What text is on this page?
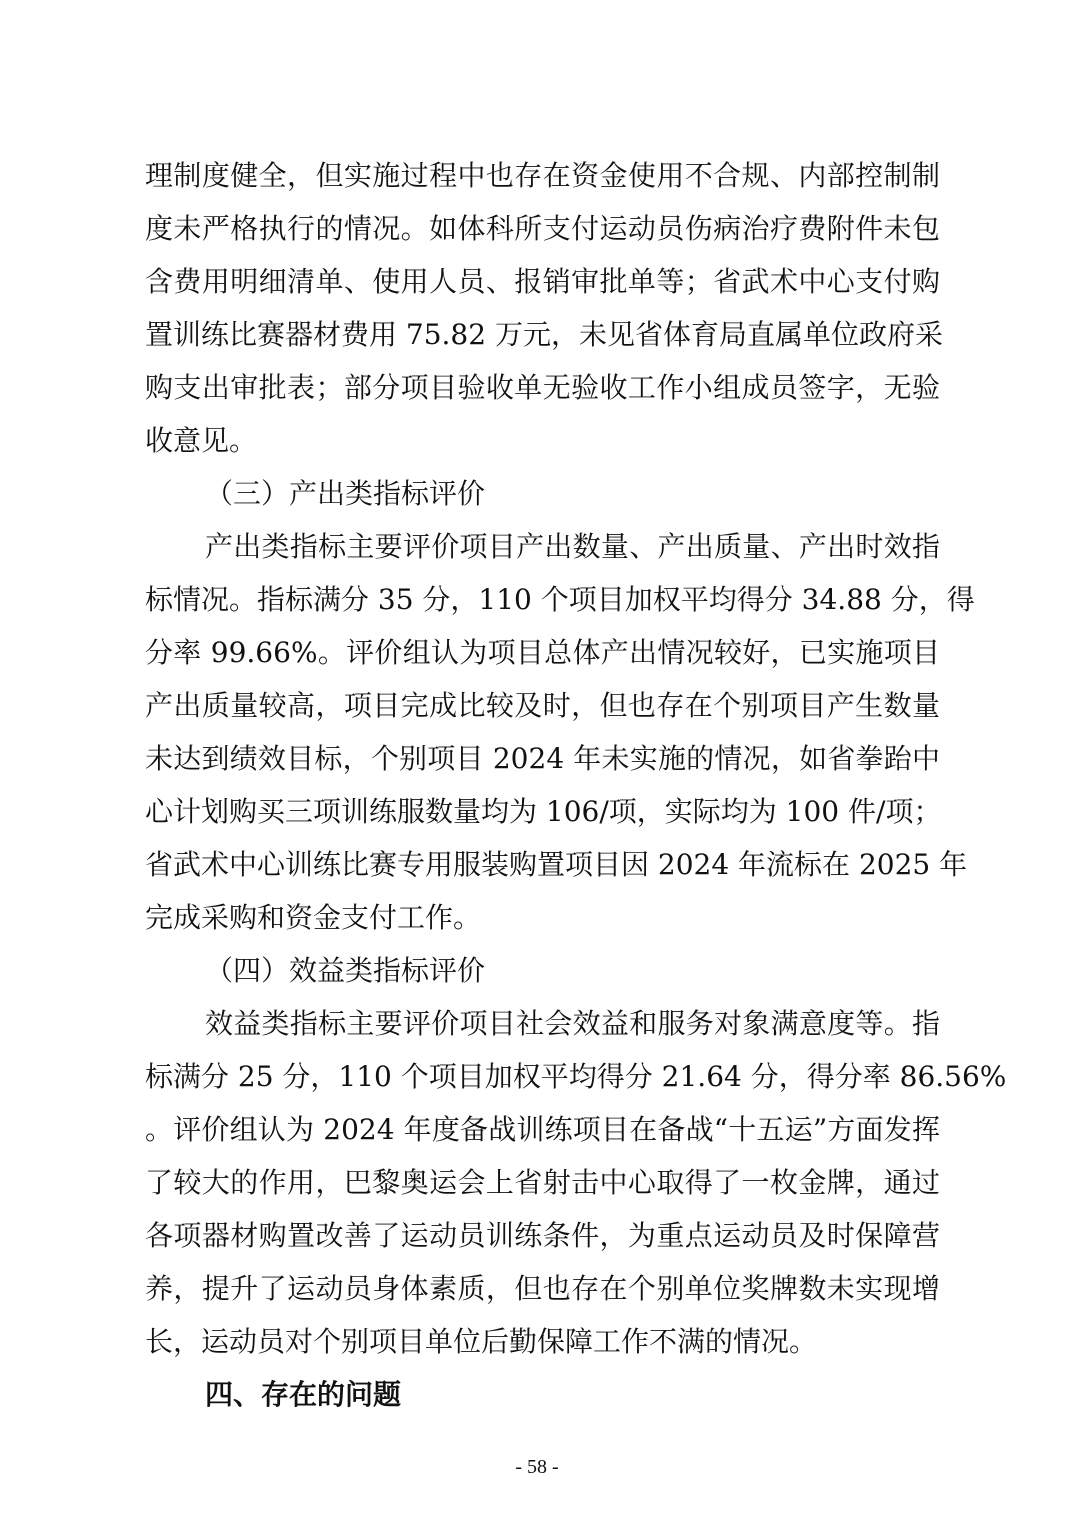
理制度健全，但实施过程中也存在资金使用不合规、内部控制制
度未严格执行的情况。如体科所支付运动员伤病治疗费附件未包
含费用明细清单、使用人员、报销审批单等；省武术中心支付购
置训练比赛器材费用 75.82 万元，未见省体育局直属单位政府采
购支出审批表；部分项目验收单无验收工作小组成员签字，无验
收意见。
（三）产出类指标评价
产出类指标主要评价项目产出数量、产出质量、产出时效指
标情况。指标满分 35 分，110 个项目加权平均得分 34.88 分，得
分率 99.66%。评价组认为项目总体产出情况较好，已实施项目
产出质量较高，项目完成比较及时，但也存在个别项目产生数量
未达到绩效目标，个别项目 2024 年未实施的情况，如省拳跆中
心计划购买三项训练服数量均为 106/项，实际均为 100 件/项；
省武术中心训练比赛专用服装购置项目因 2024 年流标在 2025 年
完成采购和资金支付工作。
（四）效益类指标评价
效益类指标主要评价项目社会效益和服务对象满意度等。指
标满分 25 分，110 个项目加权平均得分 21.64 分，得分率 86.56%
。评价组认为 2024 年度备战训练项目在备战“十五运”方面发挥
了较大的作用，巴黎奥运会上省射击中心取得了一枚金牌，通过
各项器材购置改善了运动员训练条件，为重点运动员及时保障营
养，提升了运动员身体素质，但也存在个别单位奖牌数未实现增
长，运动员对个别项目单位后勤保障工作不满的情况。
四、存在的问题
- 58 -
